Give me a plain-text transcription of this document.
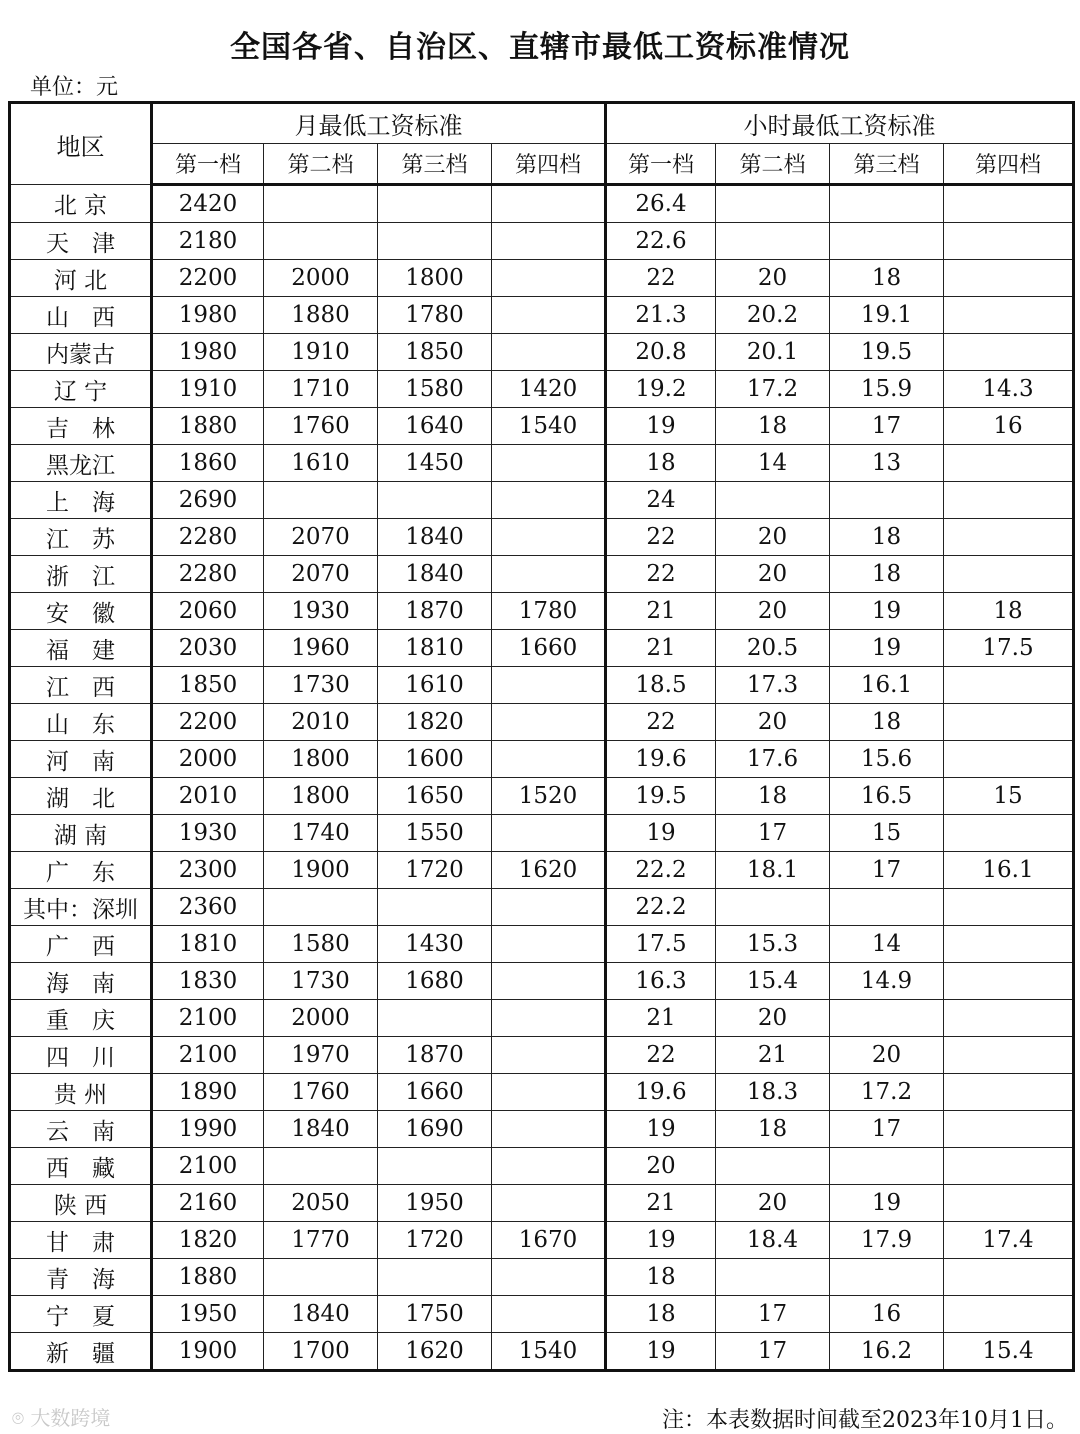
全国各省、自治区、直辖市最低工资标准情况
单位：元
地区	月最低工资标准				小时最低工资标准			
	第一档	第二档	第三档	第四档	第一档	第二档	第三档	第四档
北 京	2420				26.4			
天　津	2180				22.6			
河 北	2200	2000	1800		22	20	18	
山　西	1980	1880	1780		21.3	20.2	19.1	
内蒙古	1980	1910	1850		20.8	20.1	19.5	
辽 宁	1910	1710	1580	1420	19.2	17.2	15.9	14.3
吉　林	1880	1760	1640	1540	19	18	17	16
黑龙江	1860	1610	1450		18	14	13	
上　海	2690				24			
江　苏	2280	2070	1840		22	20	18	
浙　江	2280	2070	1840		22	20	18	
安　徽	2060	1930	1870	1780	21	20	19	18
福　建	2030	1960	1810	1660	21	20.5	19	17.5
江　西	1850	1730	1610		18.5	17.3	16.1	
山　东	2200	2010	1820		22	20	18	
河　南	2000	1800	1600		19.6	17.6	15.6	
湖　北	2010	1800	1650	1520	19.5	18	16.5	15
湖 南	1930	1740	1550		19	17	15	
广　东	2300	1900	1720	1620	22.2	18.1	17	16.1
其中：深圳	2360				22.2			
广　西	1810	1580	1430		17.5	15.3	14	
海　南	1830	1730	1680		16.3	15.4	14.9	
重　庆	2100	2000			21	20		
四　川	2100	1970	1870		22	21	20	
贵 州	1890	1760	1660		19.6	18.3	17.2	
云　南	1990	1840	1690		19	18	17	
西　藏	2100				20			
陕 西	2160	2050	1950		21	20	19	
甘　肃	1820	1770	1720	1670	19	18.4	17.9	17.4
青　海	1880				18			
宁　夏	1950	1840	1750		18	17	16	
新　疆	1900	1700	1620	1540	19	17	16.2	15.4
⌾ 大数跨境	注：本表数据时间截至2023年10月1日。
